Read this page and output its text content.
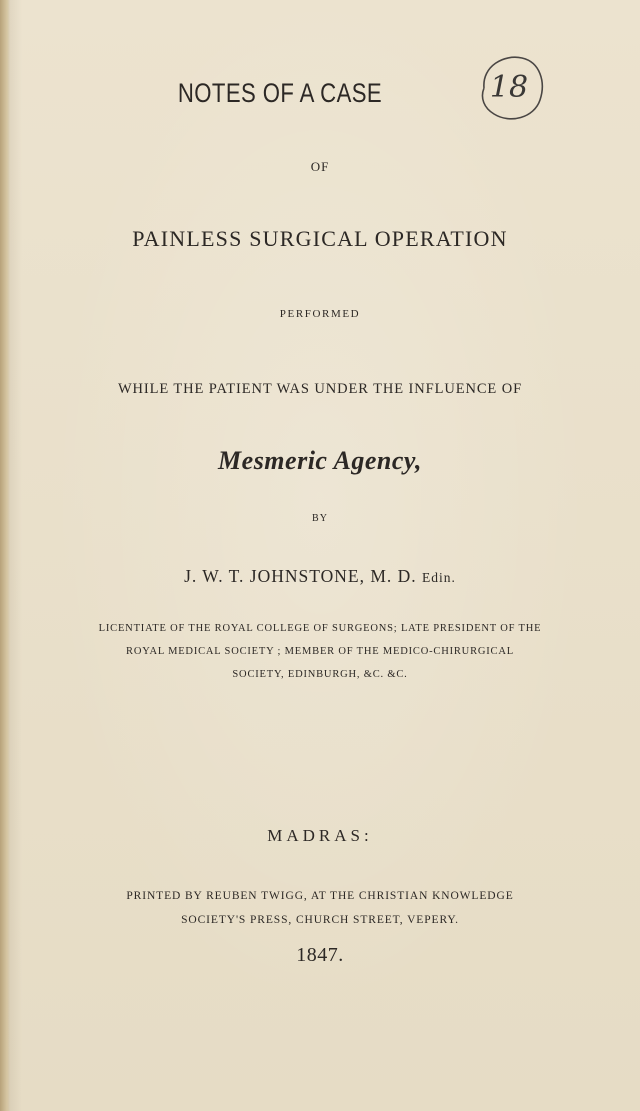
NOTES OF A CASE	18

OF

PAINLESS SURGICAL OPERATION

PERFORMED

WHILE THE PATIENT WAS UNDER THE INFLUENCE OF

Mesmeric Agency,

BY

J. W. T. JOHNSTONE, M. D. Edin.

LICENTIATE OF THE ROYAL COLLEGE OF SURGEONS; LATE PRESIDENT OF THE

ROYAL MEDICAL SOCIETY ; MEMBER OF THE MEDICO-CHIRURGICAL

SOCIETY, EDINBURGH, &C. &C.

MADRAS:

PRINTED BY REUBEN TWIGG, AT THE CHRISTIAN KNOWLEDGE

SOCIETY'S PRESS, CHURCH STREET, VEPERY.

1847.
